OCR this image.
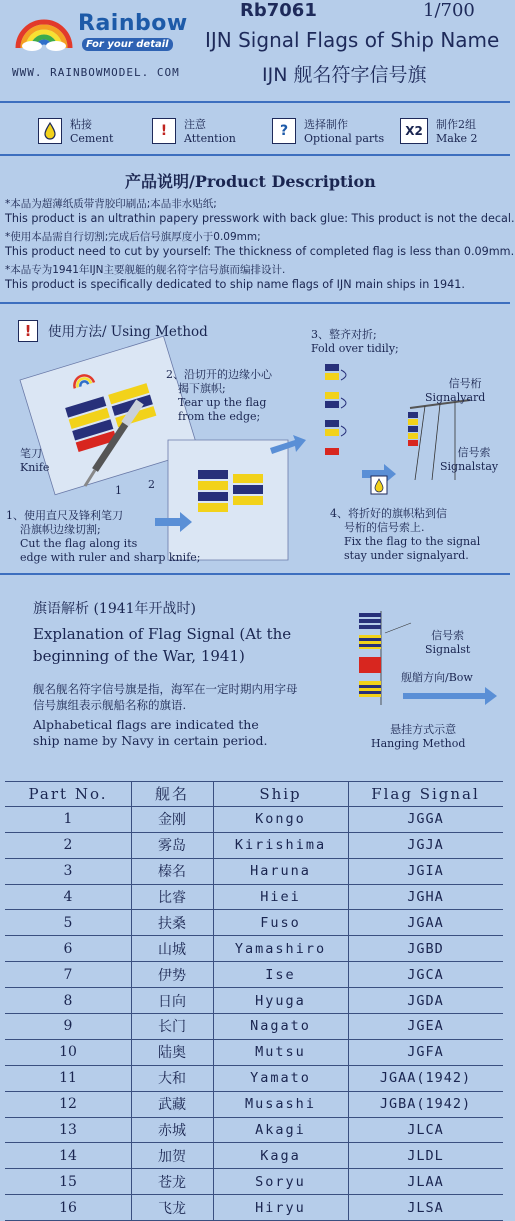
Rainbow
For your detail
WWW. RAINBOWMODEL. COM
Rb7061	1/700
IJN Signal Flags of Ship Name
IJN 舰名符字信号旗
粘接
Cement	!	注意
Attention	?	选择制作
Optional parts
X2	制作2组
Make 2
产品说明/Product Description
*本品为超薄纸质带背胶印刷品;本品非水贴纸;
This product is an ultrathin papery presswork with back glue: This product is not the decal.
*使用本品需自行切割;完成后信号旗厚度小于0.09mm;
This product need to cut by yourself: The thickness of completed flag is less than 0.09mm.
*本品专为1941年IJN主要舰艇的舰名符字信号旗而编排设计.
This product is specifically dedicated to ship name flags of IJN main ships in 1941.
!	使用方法/ Using Method
2、沿切开的边缘小心
揭下旗帜;
Tear up the flag
from the edge;
3、整齐对折;
Fold over tidily;
信号桁
Signalyard
信号索
Signalstay
笔刀
Knife
1 2
1、使用直尺及锋利笔刀
沿旗帜边缘切割;
Cut the flag along its
edge with ruler and sharp knife;
4、将折好的旗帜粘到信
号桁的信号索上.
Fix the flag to the signal
stay under signalyard.
旗语解析 (1941年开战时)
Explanation of Flag Signal (At the beginning of the War, 1941)
舰名舰名符字信号旗是指，海军在一定时期内用字母信号旗组表示舰船名称的旗语.
Alphabetical flags are indicated the ship name by Navy in certain period.
信号索
Signalst
舰艏方向/Bow
悬挂方式示意
Hanging Method
Part No.	舰名	Ship	Flag Signal
1	金刚	Kongo	JGGA
2	雾岛	Kirishima	JGJA
3	榛名	Haruna	JGIA
4	比睿	Hiei	JGHA
5	扶桑	Fuso	JGAA
6	山城	Yamashiro	JGBD
7	伊势	Ise	JGCA
8	日向	Hyuga	JGDA
9	长门	Nagato	JGEA
10	陆奥	Mutsu	JGFA
11	大和	Yamato	JGAA(1942)
12	武藏	Musashi	JGBA(1942)
13	赤城	Akagi	JLCA
14	加贺	Kaga	JLDL
15	苍龙	Soryu	JLAA
16	飞龙	Hiryu	JLSA
